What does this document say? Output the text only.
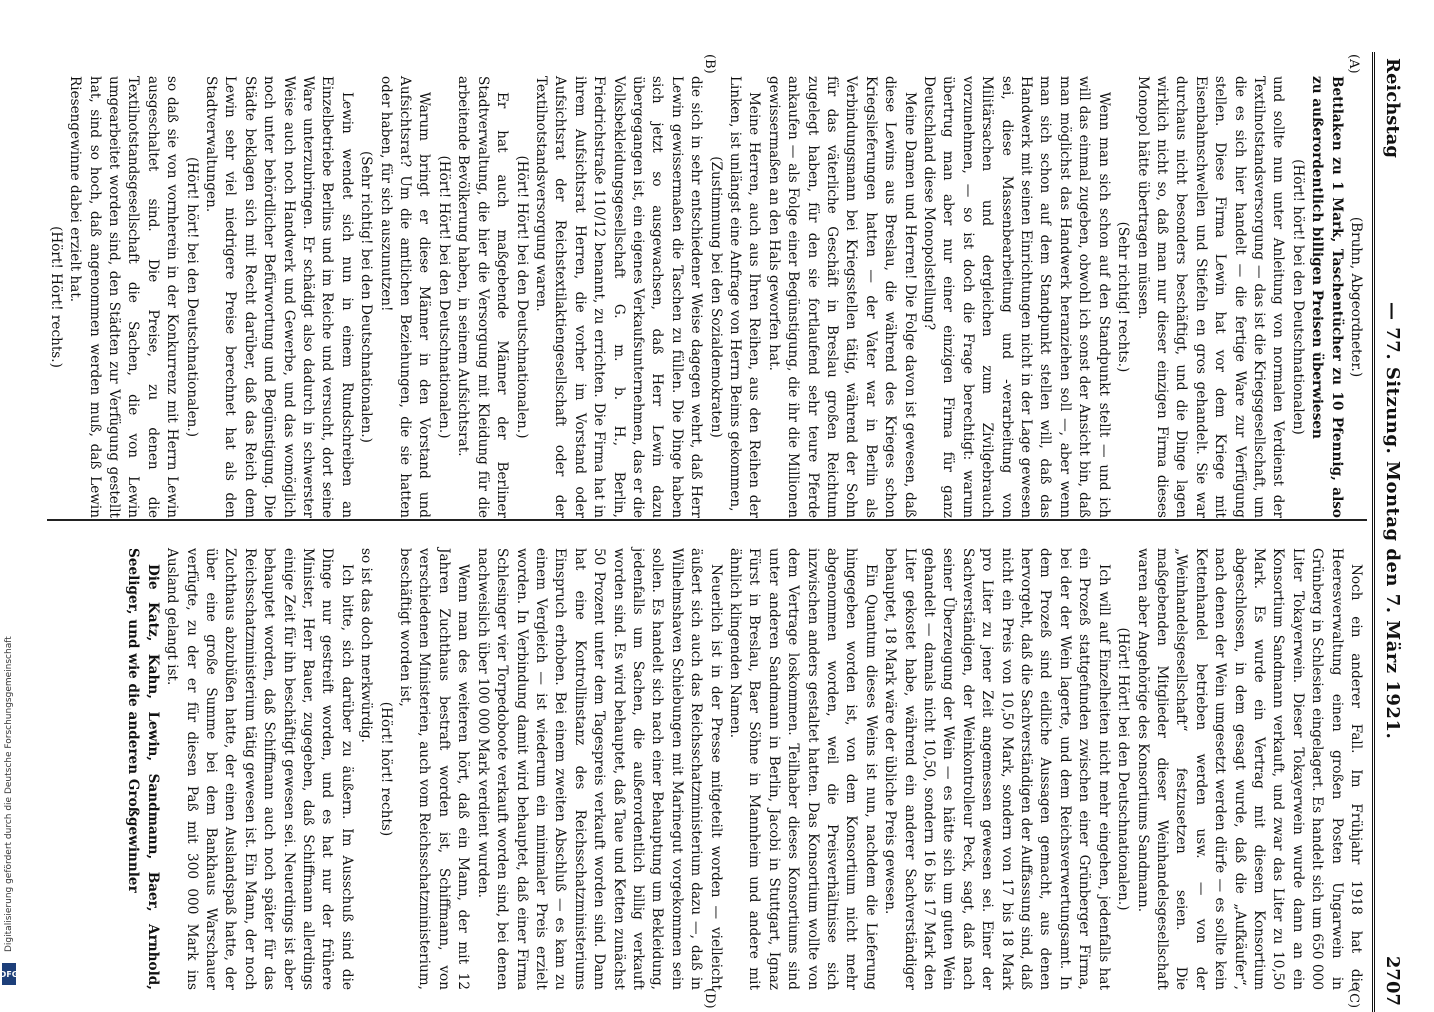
DFG
Digitalisierung gefördert durch die Deutsche Forschungsgemeinschaft
Reichstag
— 77. Sitzung. Montag den 7. März 1921.
2707
(A)
(B)
(C)
(D)

(Bruhn, Abgeordneter.)

Bettlaken zu 1 Mark, Taschentücher zu 10 Pfennig, also zu außerordentlich billigen Preisen überwiesen

(Hört! hört! bei den Deutschnationalen)

und sollte nun unter Anleitung von normalen Verdienst der Textilnotstandsversorgung — das ist die Kriegsgesellschaft, um die es sich hier handelt — die fertige Ware zur Verfügung stellen. Diese Firma Lewin hat vor dem Kriege mit Eisenbahnschwellen und Stiefeln en gros gehandelt. Sie war durchaus nicht besonders beschäftigt, und die Dinge lagen wirklich nicht so, daß man nur dieser einzigen Firma dieses Monopol hätte übertragen müssen.

(Sehr richtig! rechts.)

Wenn man sich schon auf den Standpunkt stellt — und ich will das einmal zugeben, obwohl ich sonst der Ansicht bin, daß man möglichst das Handwerk heranziehen soll —, aber wenn man sich schon auf dem Standpunkt stellen will, daß das Handwerk mit seinen Einrichtungen nicht in der Lage gewesen sei, diese Massenbearbeitung und -verarbeitung von Militärsachen und dergleichen zum Zivilgebrauch vorzunehmen, — so ist doch die Frage berechtigt: warum übertrug man aber nur einer einzigen Firma für ganz Deutschland diese Monopolstellung?

Meine Damen und Herren! Die Folge davon ist gewesen, daß diese Lewins aus Breslau, die während des Krieges schon Kriegslieferungen hatten — der Vater war in Berlin als Verbindungsmann bei Kriegsstellen tätig, während der Sohn für das väterliche Geschäft in Breslau großen Reichtum zugelegt haben, für den sie fortlaufend sehr teure Pferde ankaufen — als Folge einer Begünstigung, die ihr die Millionen gewissermaßen an den Hals geworfen hat.

Meine Herren, auch aus Ihren Reihen, aus den Reihen der Linken, ist unlängst eine Anfrage von Herrn Beims gekommen,

(Zustimmung bei den Sozialdemokraten)

die sich in sehr entschiedener Weise dagegen wehrt, daß Herr Lewin gewissermaßen die Taschen zu füllen. Die Dinge haben sich jetzt so ausgewachsen, daß Herr Lewin dazu übergegangen ist, ein eigenes Verkaufsunternehmen, das er die Volksbekleidungsgesellschaft G. m. b. H., Berlin, Friedrichstraße 110/12 benannt, zu errichten. Die Firma hat in ihrem Aufsichtsrat Herren, die vorher im Vorstand oder Aufsichtsrat der Reichstextilaktiengesellschaft oder der Textilnotstandsversorgung waren.

(Hört! Hört! bei den Deutschnationalen.)

Er hat auch maßgebende Männer der Berliner Stadtverwaltung, die hier die Versorgung mit Kleidung für die arbeitende Bevölkerung haben, in seinem Aufsichtsrat.

(Hört! Hört! bei den Deutschnationalen.)

Warum bringt er diese Männer in den Vorstand und Aufsichtsrat? Um die amtlichen Beziehungen, die sie hatten oder haben, für sich auszunutzen!

(Sehr richtig! bei den Deutschnationalen.)

Lewin wendet sich nun in einem Rundschreiben an Einzelbetriebe Berlins und im Reiche und versucht, dort seine Ware unterzubringen. Er schädigt also dadurch in schwerster Weise auch noch Handwerk und Gewerbe, und das womöglich noch unter behördlicher Befürwortung und Begünstigung. Die Städte beklagen sich mit Recht darüber, daß das Reich dem Lewin sehr viel niedrigere Preise berechnet hat als den Stadtverwaltungen.

(Hört! hört! bei den Deutschnationalen.)

so daß sie von vornherein in der Konkurrenz mit Herrn Lewin ausgeschaltet sind. Die Preise, zu denen die Textilnotstandsgesellschaft die Sachen, die von Lewin umgearbeitet worden sind, den Städten zur Verfügung gestellt hat, sind so hoch, daß angenommen werden muß, daß Lewin Riesengewinne dabei erzielt hat.

(Hört! Hört! rechts.)

Noch ein anderer Fall. Im Frühjahr 1918 hat die Heeresverwaltung einen großen Posten Ungarwein in Grünberg in Schlesien eingelagert. Es handelt sich um 650 000 Liter Tokayerwein. Dieser Tokayerwein wurde dann an ein Konsortium Sandmann verkauft, und zwar das Liter zu 10,50 Mark. Es wurde ein Vertrag mit diesem Konsortium abgeschlossen, in dem gesagt wurde, daß die „Aufkäufer“, nach denen der Wein umgesetzt werden dürfe — es sollte kein Kettenhandel betrieben werden usw. — von der „Weinhandelsgesellschaft“ festzusetzen seien. Die maßgebenden Mitglieder dieser Weinhandelsgesellschaft waren aber Angehörige des Konsortiums Sandmann.

(Hört! Hört! bei den Deutschnationalen.)

Ich will auf Einzelheiten nicht mehr eingehen, jedenfalls hat ein Prozeß stattgefunden zwischen einer Grünberger Firma, bei der der Wein lagerte, und dem Reichsverwertungsamt. In dem Prozeß sind eidliche Aussagen gemacht, aus denen hervorgeht, daß die Sachverständigen der Auffassung sind, daß nicht ein Preis von 10,50 Mark, sondern von 17 bis 18 Mark pro Liter zu jener Zeit angemessen gewesen sei. Einer der Sachverständigen, der Weinkontrolleur Peck, sagt, daß nach seiner Überzeugung der Wein — es hätte sich um guten Wein gehandelt — damals nicht 10,50, sondern 16 bis 17 Mark den Liter gekostet habe, während ein anderer Sachverständiger behauptet, 18 Mark wäre der übliche Preis gewesen.

Ein Quantum dieses Weins ist nun, nachdem die Lieferung hingegeben worden ist, von dem Konsortium nicht mehr abgenommen worden, weil die Preisverhältnisse sich inzwischen anders gestaltet hatten. Das Konsortium wollte von dem Vertrage loskommen. Teilhaber dieses Konsortiums sind unter anderen Sandmann in Berlin, Jacobi in Stuttgart, Ignaz Fürst in Breslau, Baer Söhne in Mannheim und andere mit ähnlich klingenden Namen.

Neuerlich ist in der Presse mitgeteilt worden — vielleicht äußert sich auch das Reichsschatzministerium dazu —, daß in Wilhelmshaven Schiebungen mit Marinegut vorgekommen sein sollen. Es handelt sich nach einer Behauptung um Bekleidung, jedenfalls um Sachen, die außerordentlich billig verkauft worden sind. Es wird behauptet, daß Taue und Ketten zunächst 50 Prozent unter dem Tagespreis verkauft worden sind. Dann hat eine Kontrollinstanz des Reichsschatzministeriums Einspruch erhoben. Bei einem zweiten Abschluß — es kam zu einem Vergleich — ist wiederum ein minimaler Preis erzielt worden. In Verbindung damit wird behauptet, daß einer Firma Schlesinger vier Torpedoboote verkauft worden sind, bei denen nachweislich über 100 000 Mark verdient wurden.

Wenn man des weiteren hört, daß ein Mann, der mit 12 Jahren Zuchthaus bestraft worden ist, Schiffmann, von verschiedenen Ministerien, auch vom Reichsschatzministerium, beschäftigt worden ist,

(Hört! hört! rechts)

so ist das doch merkwürdig.

Ich bitte, sich darüber zu äußern. Im Ausschuß sind die Dinge nur gestreift worden, und es hat nur der frühere Minister, Herr Bauer, zugegeben, daß Schiffmann allerdings einige Zeit für ihn beschäftigt gewesen sei. Neuerdings ist aber behauptet worden, daß Schiffmann auch noch später für das Reichsschatzministerium tätig gewesen ist. Ein Mann, der noch Zuchthaus abzubüßen hatte, der einen Auslandspaß hatte, der über eine große Summe bei dem Bankhaus Warschauer verfügte, zu der er für diesen Paß mit 300 000 Mark ins Ausland gelangt ist.

Die Katz, Kahn, Lewin, Sandmann, Baer, Arnhold, Seeliger, und wie die anderen Großgewinnler
